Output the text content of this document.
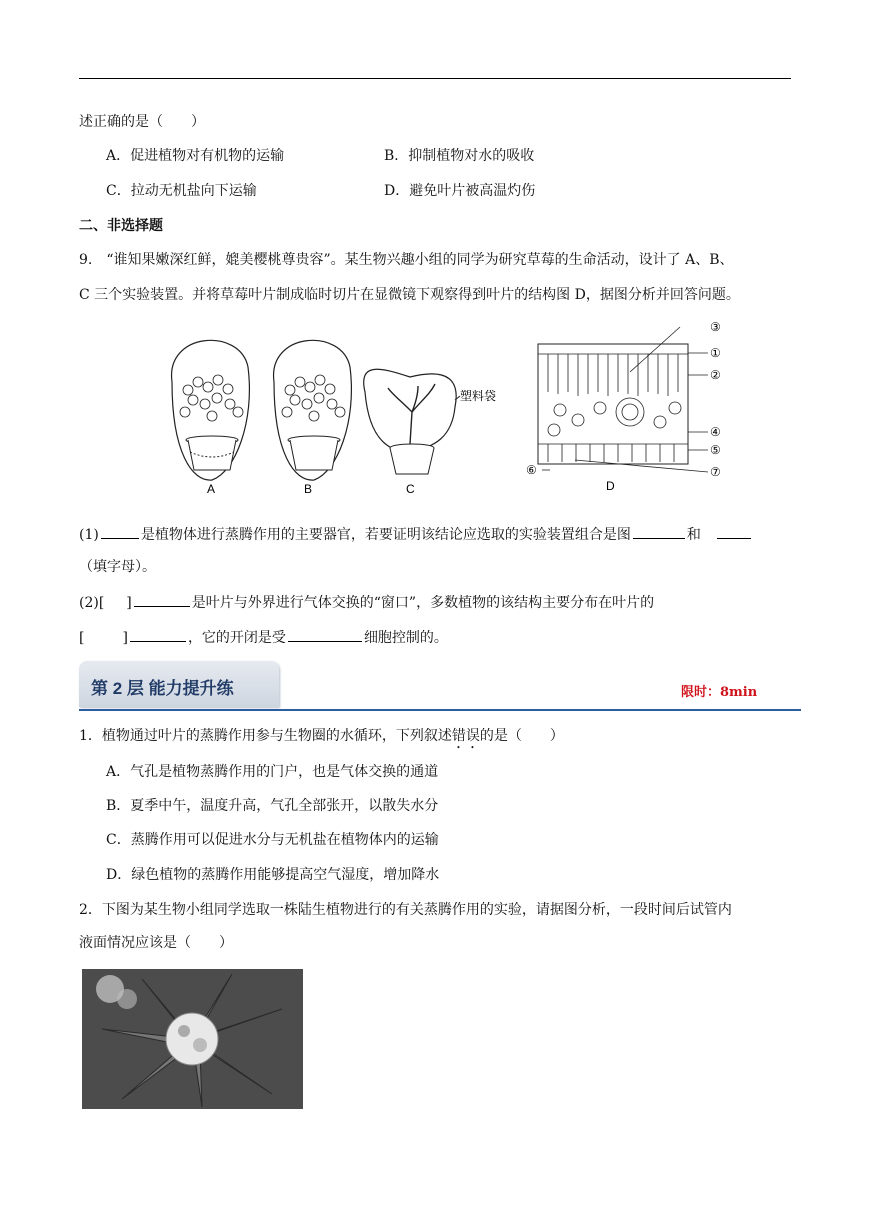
述正确的是（　　）
A．促进植物对有机物的运输	B．抑制植物对水的吸收
C．拉动无机盐向下运输	D．避免叶片被高温灼伤
二、非选择题
9.　“谁知果嫩深红鲜，媲美樱桃尊贵容”。某生物兴趣小组的同学为研究草莓的生命活动，设计了 A、B、
C 三个实验装置。并将草莓叶片制成临时切片在显微镜下观察得到叶片的结构图 D，据图分析并回答问题。
A	B
塑料袋
C
③
①
②
④
⑤
⑥	⑦
D
(1)	是植物体进行蒸腾作用的主要器官，若要证明该结论应选取的实验装置组合是图	和
（填字母）。
(2)[ ]	是叶片与外界进行气体交换的“窗口”，多数植物的该结构主要分布在叶片的
[	]	，它的开闭是受	细胞控制的。
第 2 层 能力提升练	限时：8min
1．植物通过叶片的蒸腾作用参与生物圈的水循环，下列叙述错误的是（　　）
A．气孔是植物蒸腾作用的门户，也是气体交换的通道
B．夏季中午，温度升高，气孔全部张开，以散失水分
C．蒸腾作用可以促进水分与无机盐在植物体内的运输
D．绿色植物的蒸腾作用能够提高空气湿度，增加降水
2．下图为某生物小组同学选取一株陆生植物进行的有关蒸腾作用的实验，请据图分析，一段时间后试管内
液面情况应该是（　　）
